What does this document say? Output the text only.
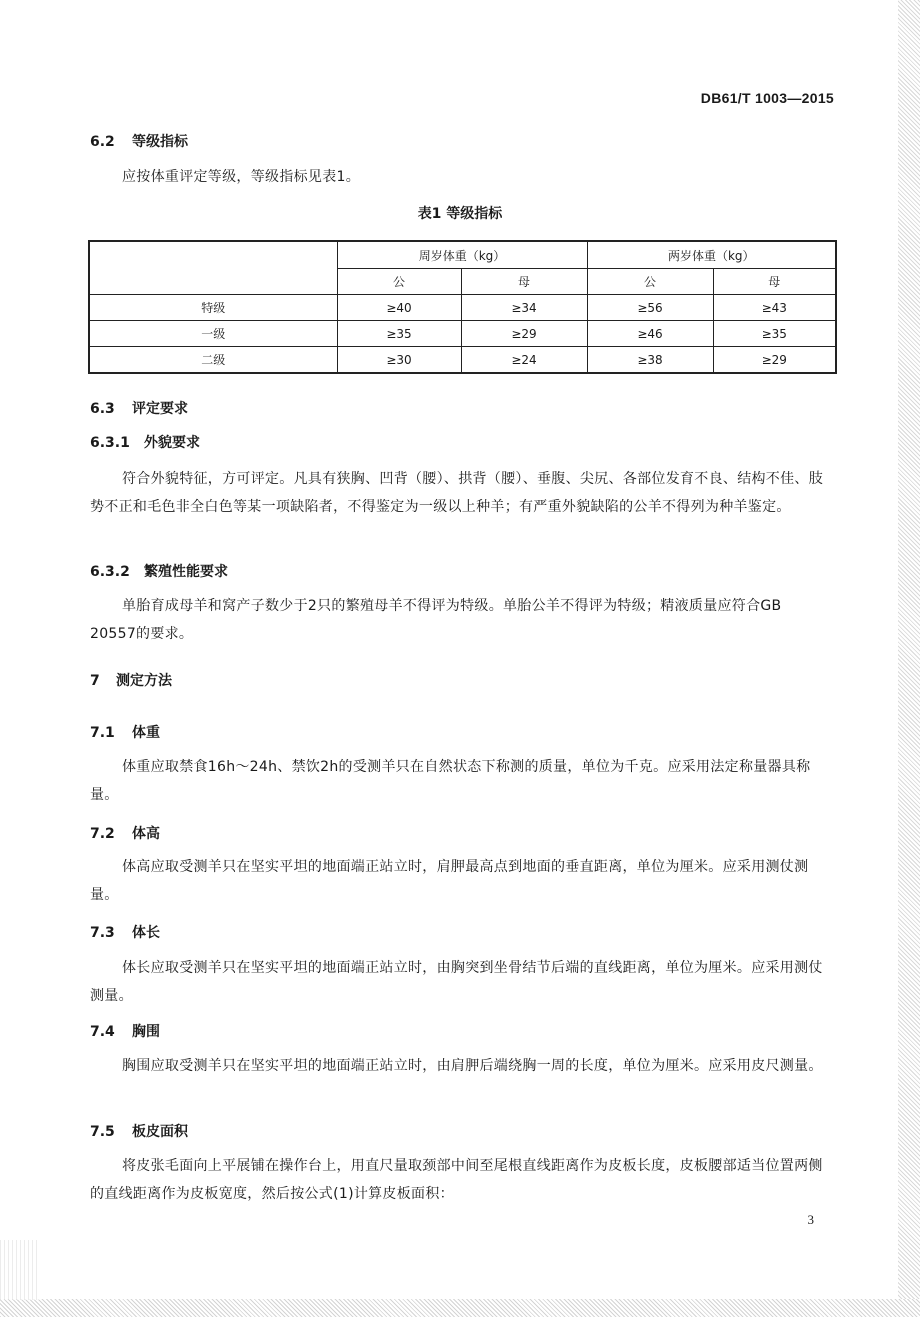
DB61/T 1003—2015
6.2 等级指标
应按体重评定等级，等级指标见表1。
表1 等级指标
	周岁体重（kg）		两岁体重（kg）	
	公	母	公	母
特级	≥40	≥34	≥56	≥43
一级	≥35	≥29	≥46	≥35
二级	≥30	≥24	≥38	≥29
6.3 评定要求
6.3.1 外貌要求
符合外貌特征，方可评定。凡具有狭胸、凹背（腰）、拱背（腰）、垂腹、尖尻、各部位发育不良、结构不佳、肢势不正和毛色非全白色等某一项缺陷者，不得鉴定为一级以上种羊；有严重外貌缺陷的公羊不得列为种羊鉴定。
6.3.2 繁殖性能要求
单胎育成母羊和窝产子数少于2只的繁殖母羊不得评为特级。单胎公羊不得评为特级；精液质量应符合GB 20557的要求。
7 测定方法
7.1 体重
体重应取禁食16h～24h、禁饮2h的受测羊只在自然状态下称测的质量，单位为千克。应采用法定称量器具称量。
7.2 体高
体高应取受测羊只在坚实平坦的地面端正站立时，肩胛最高点到地面的垂直距离，单位为厘米。应采用测仗测量。
7.3 体长
体长应取受测羊只在坚实平坦的地面端正站立时，由胸突到坐骨结节后端的直线距离，单位为厘米。应采用测仗测量。
7.4 胸围
胸围应取受测羊只在坚实平坦的地面端正站立时，由肩胛后端绕胸一周的长度，单位为厘米。应采用皮尺测量。
7.5 板皮面积
将皮张毛面向上平展铺在操作台上，用直尺量取颈部中间至尾根直线距离作为皮板长度，皮板腰部适当位置两侧的直线距离作为皮板宽度，然后按公式(1)计算皮板面积：
3
